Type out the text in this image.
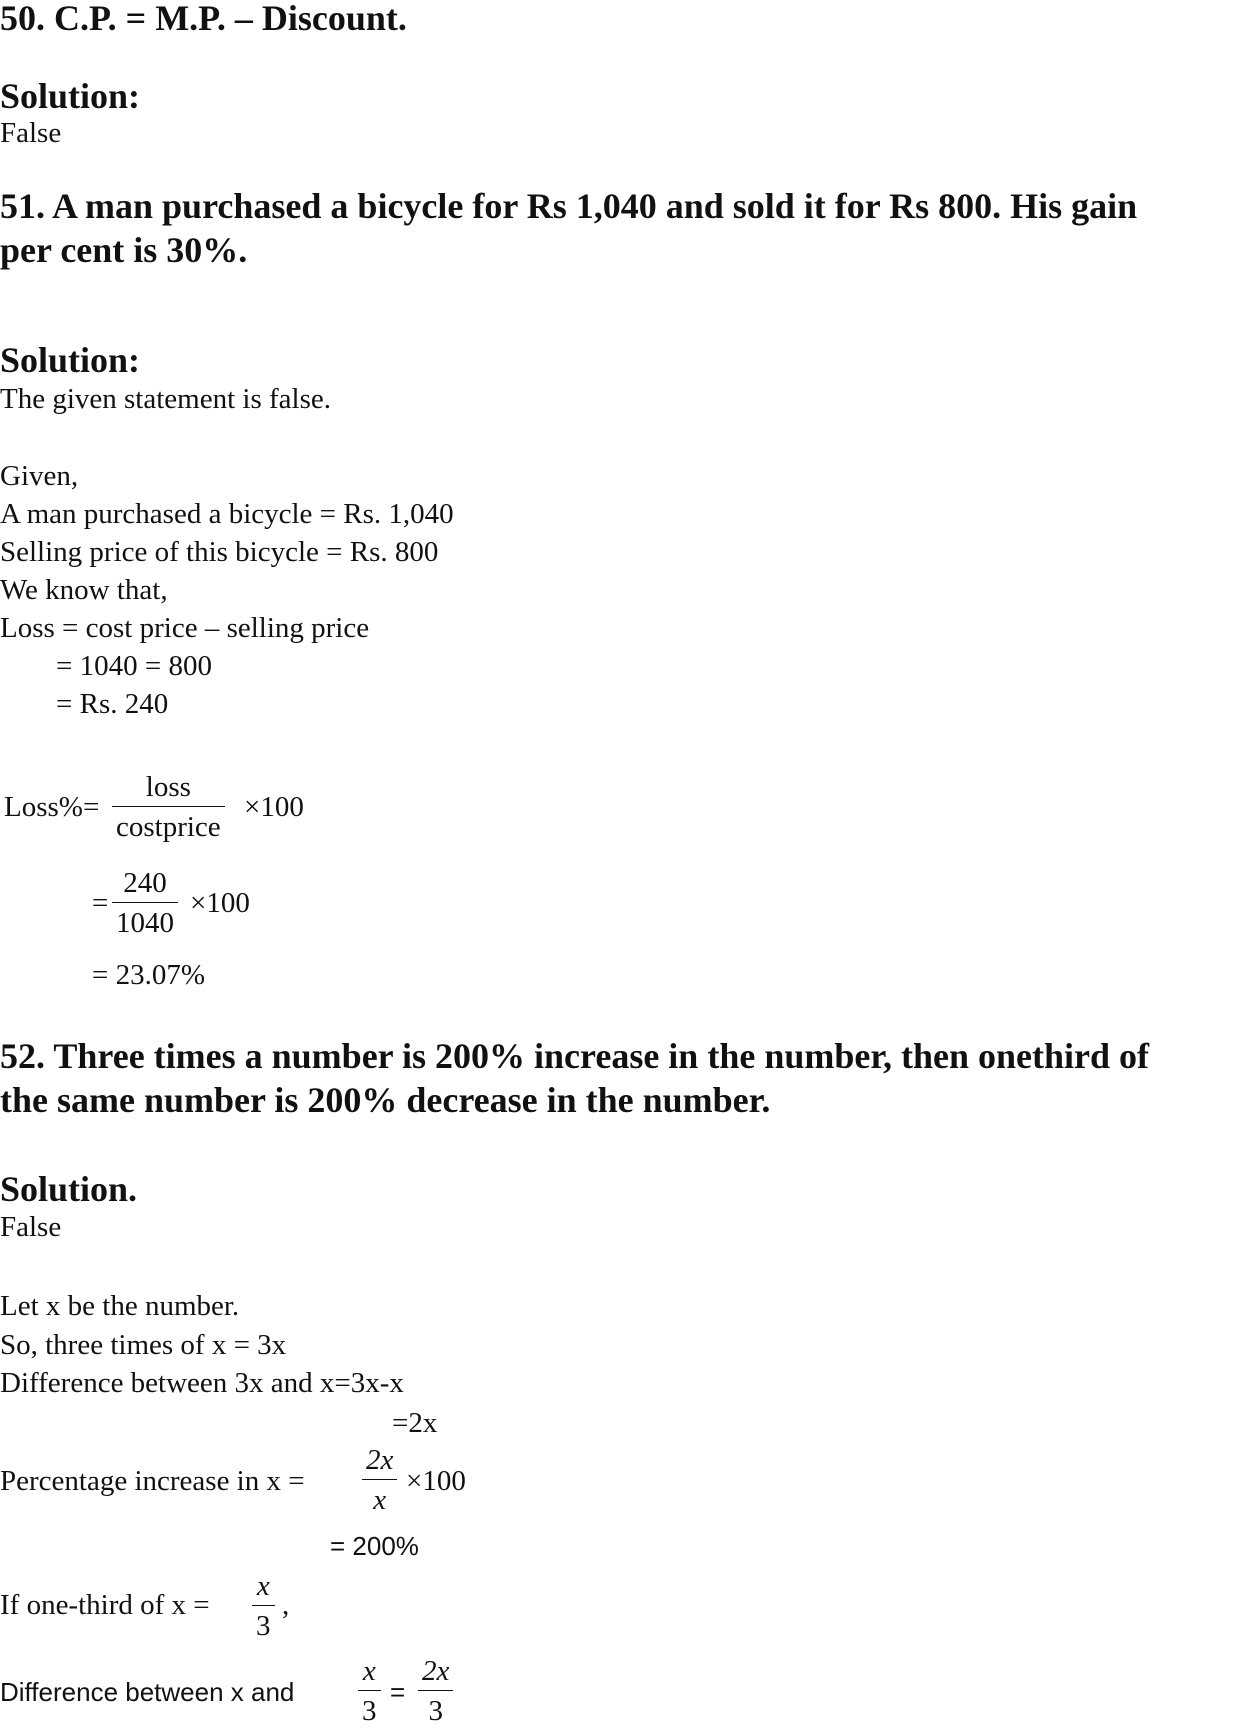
50. C.P. = M.P. – Discount.
Solution:
False
51. A man purchased a bicycle for Rs 1,040 and sold it for Rs 800. His gain
per cent is 30%.
Solution:
The given statement is false.
Given,
A man purchased a bicycle = Rs. 1,040
Selling price of this bicycle = Rs. 800
We know that,
Loss = cost price – selling price
= 1040 = 800
= Rs. 240
Loss%=
loss
costprice
×100
=
240
1040
×100
= 23.07%
52. Three times a number is 200% increase in the number, then onethird of
the same number is 200% decrease in the number.
Solution.
False
Let x be the number.
So, three times of x = 3x
Difference between 3x and x=3x-x
=2x
Percentage increase in x =
2x
x
×100
= 200%
If one-third of x =
x
3
,
Difference between x and
x
3
=
2x
3
